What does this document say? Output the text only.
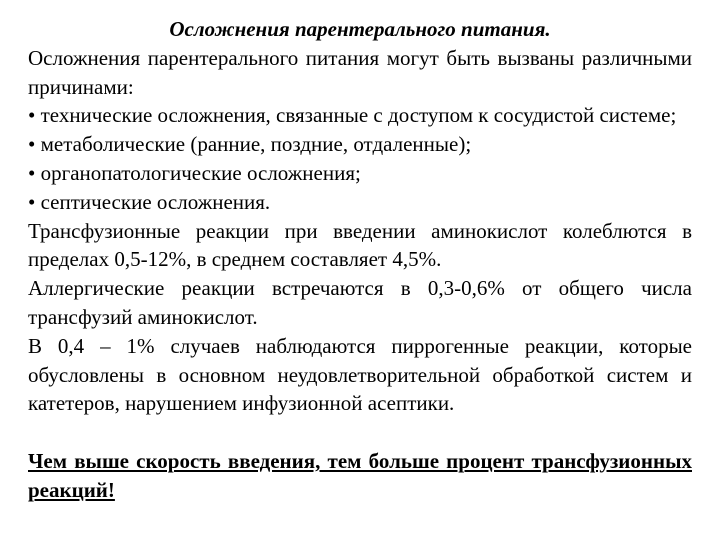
Осложнения парентерального питания.

Осложнения парентерального питания могут быть вызваны различными причинами:

• технические осложнения, связанные с доступом к сосудистой системе;

• метаболические (ранние, поздние, отдаленные);

• органопатологические осложнения;

• септические осложнения.

Трансфузионные реакции при введении аминокислот колеблются в пределах 0,5-12%, в среднем составляет 4,5%.

Аллергические реакции встречаются в 0,3-0,6% от общего числа трансфузий аминокислот.

В 0,4 – 1% случаев наблюдаются пиррогенные реакции, которые обусловлены в основном неудовлетворительной обработкой систем и катетеров, нарушением инфузионной асептики.

Чем выше скорость введения, тем больше процент трансфузионных реакций!
